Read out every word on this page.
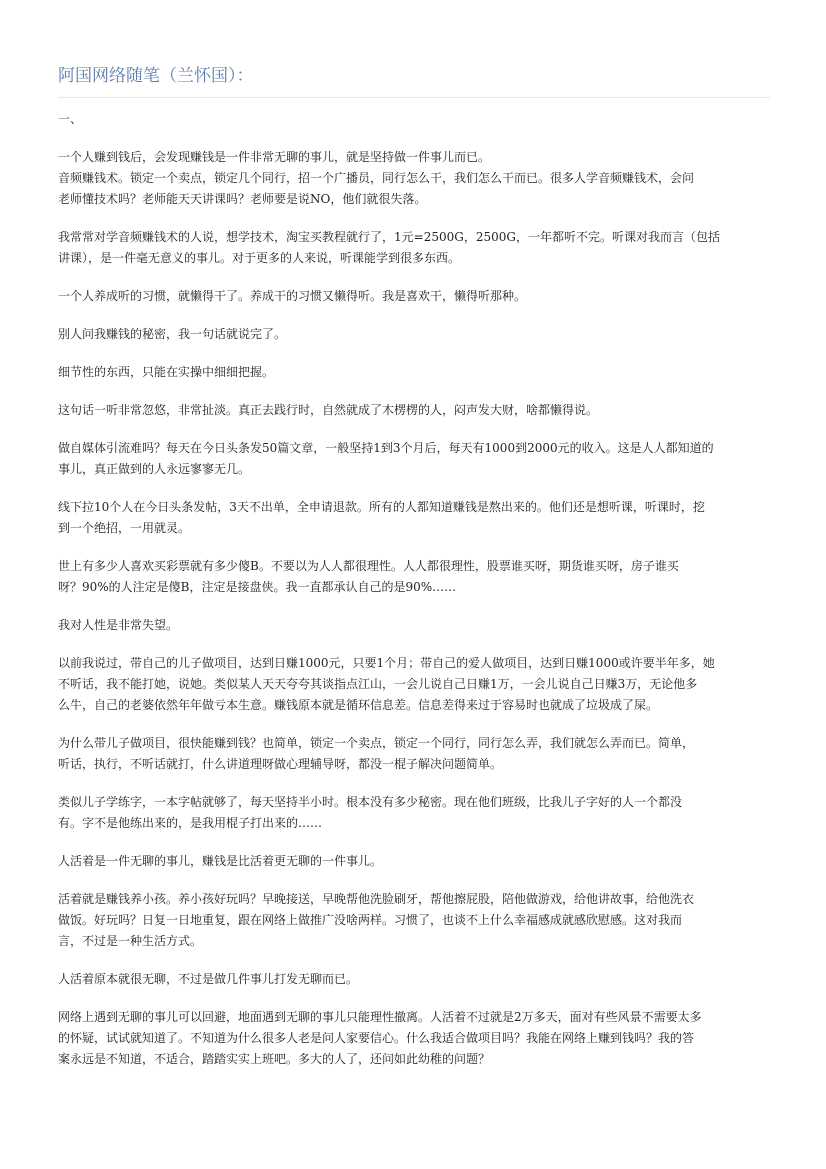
阿国网络随笔（兰怀国）：
一、

一个人赚到钱后，会发现赚钱是一件非常无聊的事儿，就是坚持做一件事儿而已。

音频赚钱术。锁定一个卖点，锁定几个同行，招一个广播员，同行怎么干，我们怎么干而已。很多人学音频赚钱术，会问
老师懂技术吗？老师能天天讲课吗？老师要是说NO，他们就很失落。

我常常对学音频赚钱术的人说，想学技术，淘宝买教程就行了，1元=2500G，2500G，一年都听不完。听课对我而言（包括
讲课），是一件毫无意义的事儿。对于更多的人来说，听课能学到很多东西。

一个人养成听的习惯，就懒得干了。养成干的习惯又懒得听。我是喜欢干，懒得听那种。

别人问我赚钱的秘密，我一句话就说完了。

细节性的东西，只能在实操中细细把握。

这句话一听非常忽悠，非常扯淡。真正去践行时，自然就成了木楞楞的人，闷声发大财，啥都懒得说。

做自媒体引流难吗？每天在今日头条发50篇文章，一般坚持1到3个月后，每天有1000到2000元的收入。这是人人都知道的
事儿，真正做到的人永远寥寥无几。

线下拉10个人在今日头条发帖，3天不出单，全申请退款。所有的人都知道赚钱是熬出来的。他们还是想听课，听课时，挖
到一个绝招，一用就灵。

世上有多少人喜欢买彩票就有多少傻B。不要以为人人都很理性。人人都很理性，股票谁买呀，期货谁买呀，房子谁买
呀？90%的人注定是傻B，注定是接盘侠。我一直都承认自己的是90%……

我对人性是非常失望。

以前我说过，带自己的儿子做项目，达到日赚1000元，只要1个月；带自己的爱人做项目，达到日赚1000或许要半年多，她
不听话，我不能打她，说她。类似某人天天夸夸其谈指点江山，一会儿说自己日赚1万，一会儿说自己日赚3万，无论他多
么牛，自己的老婆依然年年做亏本生意。赚钱原本就是循环信息差。信息差得来过于容易时也就成了垃圾成了屎。

为什么带儿子做项目，很快能赚到钱？也简单，锁定一个卖点，锁定一个同行，同行怎么弄，我们就怎么弄而已。简单，
听话，执行，不听话就打，什么讲道理呀做心理辅导呀，都没一棍子解决问题简单。

类似儿子学练字，一本字帖就够了，每天坚持半小时。根本没有多少秘密。现在他们班级，比我儿子字好的人一个都没
有。字不是他练出来的，是我用棍子打出来的……

人活着是一件无聊的事儿，赚钱是比活着更无聊的一件事儿。

活着就是赚钱养小孩。养小孩好玩吗？早晚接送，早晚帮他洗脸刷牙，帮他擦屁股，陪他做游戏，给他讲故事，给他洗衣
做饭。好玩吗？日复一日地重复，跟在网络上做推广没啥两样。习惯了，也谈不上什么幸福感成就感欣慰感。这对我而
言，不过是一种生活方式。

人活着原本就很无聊，不过是做几件事儿打发无聊而已。

网络上遇到无聊的事儿可以回避，地面遇到无聊的事儿只能理性撤离。人活着不过就是2万多天，面对有些风景不需要太多
的怀疑，试试就知道了。不知道为什么很多人老是问人家要信心。什么我适合做项目吗？我能在网络上赚到钱吗？我的答
案永远是不知道，不适合，踏踏实实上班吧。多大的人了，还问如此幼稚的问题？
